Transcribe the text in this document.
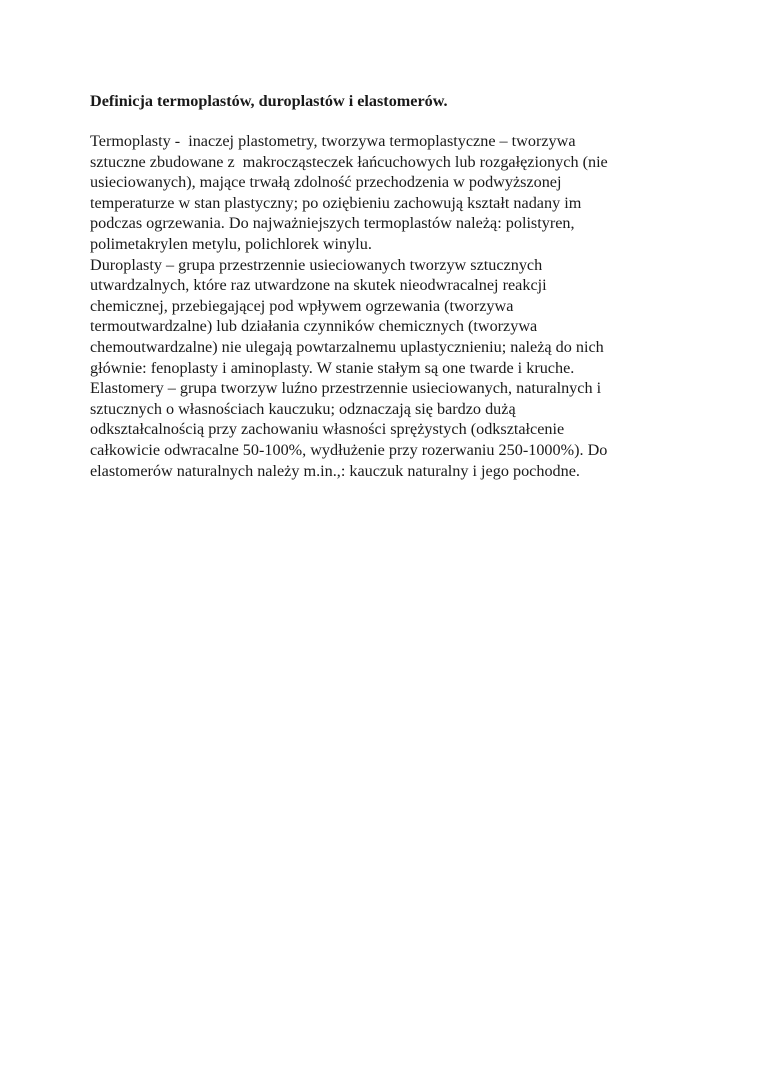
Definicja termoplastów, duroplastów i elastomerów.
Termoplasty -  inaczej plastometry, tworzywa termoplastyczne – tworzywa
sztuczne zbudowane z  makrocząsteczek łańcuchowych lub rozgałęzionych (nie
usieciowanych), mające trwałą zdolność przechodzenia w podwyższonej
temperaturze w stan plastyczny; po oziębieniu zachowują kształt nadany im
podczas ogrzewania. Do najważniejszych termoplastów należą: polistyren,
polimetakrylen metylu, polichlorek winylu.
Duroplasty – grupa przestrzennie usieciowanych tworzyw sztucznych
utwardzalnych, które raz utwardzone na skutek nieodwracalnej reakcji
chemicznej, przebiegającej pod wpływem ogrzewania (tworzywa
termoutwardzalne) lub działania czynników chemicznych (tworzywa
chemoutwardzalne) nie ulegają powtarzalnemu uplastycznieniu; należą do nich
głównie: fenoplasty i aminoplasty. W stanie stałym są one twarde i kruche.
Elastomery – grupa tworzyw luźno przestrzennie usieciowanych, naturalnych i
sztucznych o własnościach kauczuku; odznaczają się bardzo dużą
odkształcalnością przy zachowaniu własności sprężystych (odkształcenie
całkowicie odwracalne 50-100%, wydłużenie przy rozerwaniu 250-1000%). Do
elastomerów naturalnych należy m.in.,: kauczuk naturalny i jego pochodne.
